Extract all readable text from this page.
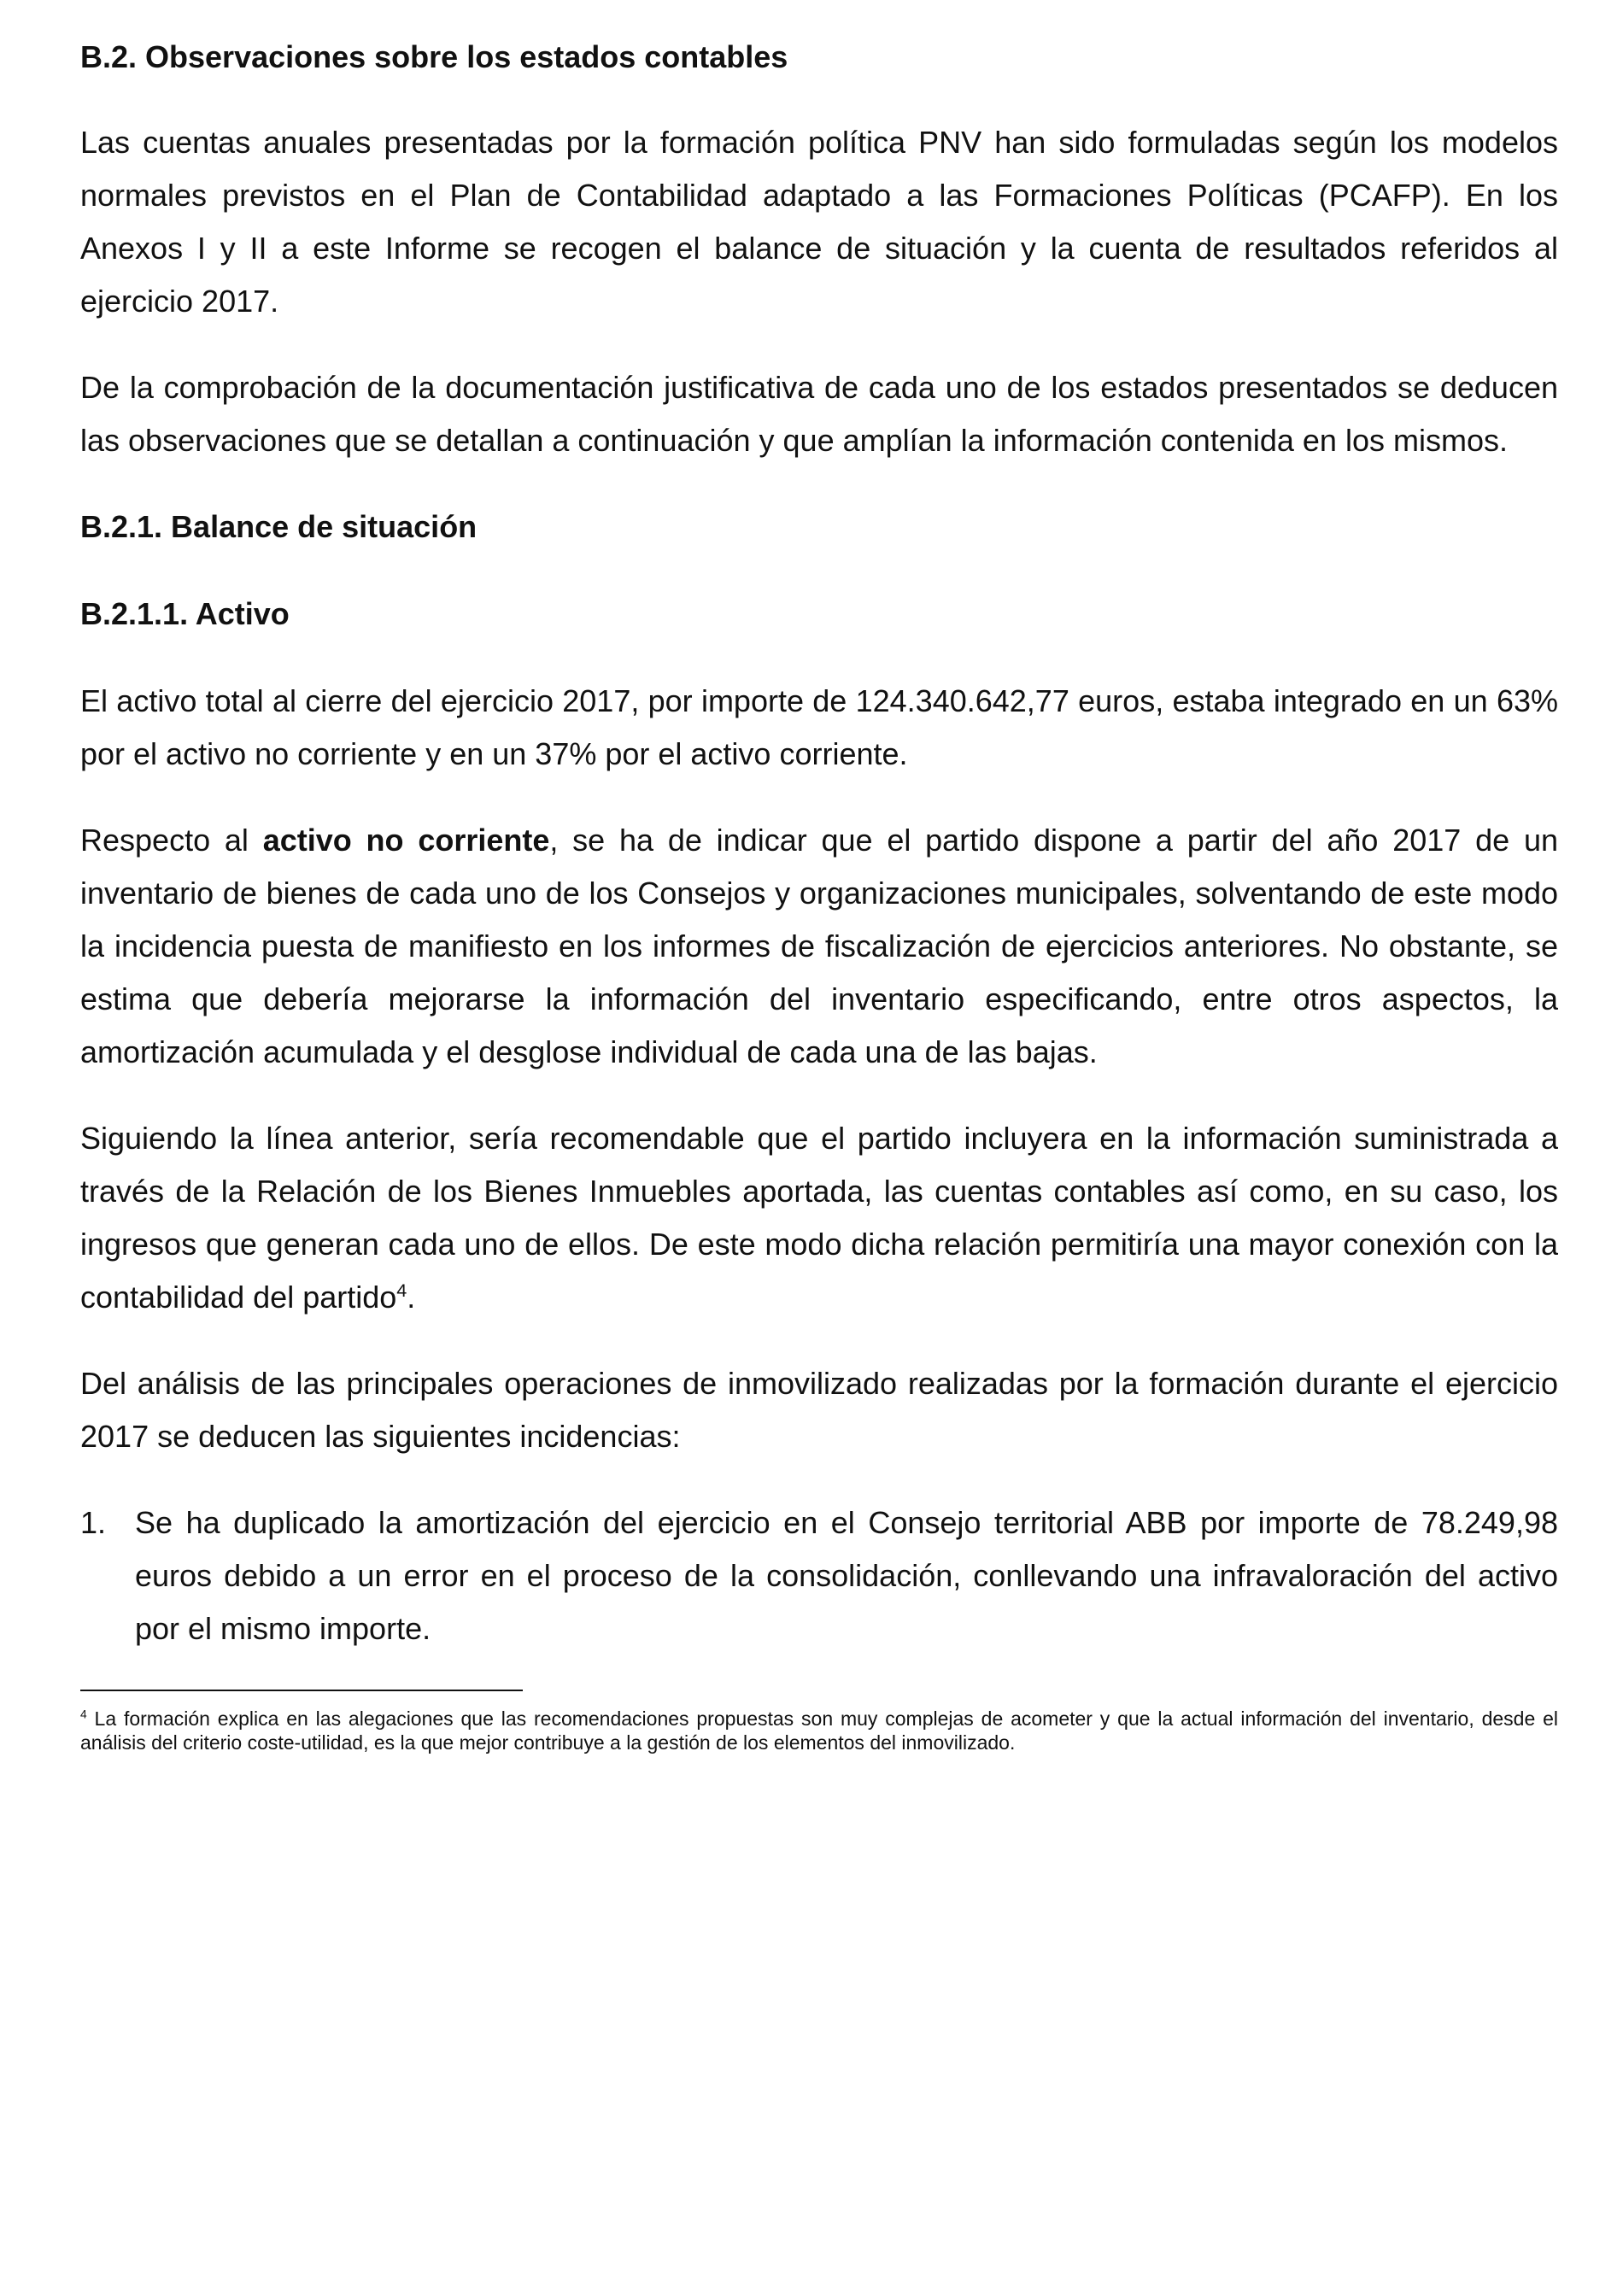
B.2. Observaciones sobre los estados contables

Las cuentas anuales presentadas por la formación política PNV han sido formuladas según los modelos normales previstos en el Plan de Contabilidad adaptado a las Formaciones Políticas (PCAFP). En los Anexos I y II a este Informe se recogen el balance de situación y la cuenta de resultados referidos al ejercicio 2017.

De la comprobación de la documentación justificativa de cada uno de los estados presentados se deducen las observaciones que se detallan a continuación y que amplían la información contenida en los mismos.

B.2.1. Balance de situación
B.2.1.1. Activo

El activo total al cierre del ejercicio 2017, por importe de 124.340.642,77 euros, estaba integrado en un 63% por el activo no corriente y en un 37% por el activo corriente.

Respecto al activo no corriente, se ha de indicar que el partido dispone a partir del año 2017 de un inventario de bienes de cada uno de los Consejos y organizaciones municipales, solventando de este modo la incidencia puesta de manifiesto en los informes de fiscalización de ejercicios anteriores. No obstante, se estima que debería mejorarse la información del inventario especificando, entre otros aspectos, la amortización acumulada y el desglose individual de cada una de las bajas.

Siguiendo la línea anterior, sería recomendable que el partido incluyera en la información suministrada a través de la Relación de los Bienes Inmuebles aportada, las cuentas contables así como, en su caso, los ingresos que generan cada uno de ellos. De este modo dicha relación permitiría una mayor conexión con la contabilidad del partido$^4$.

Del análisis de las principales operaciones de inmovilizado realizadas por la formación durante el ejercicio 2017 se deducen las siguientes incidencias:

1. Se ha duplicado la amortización del ejercicio en el Consejo territorial ABB por importe de 78.249,98 euros debido a un error en el proceso de la consolidación, conllevando una infravaloración del activo por el mismo importe.

$^4$ La formación explica en las alegaciones que las recomendaciones propuestas son muy complejas de acometer y que la actual información del inventario, desde el análisis del criterio coste-utilidad, es la que mejor contribuye a la gestión de los elementos del inmovilizado.
